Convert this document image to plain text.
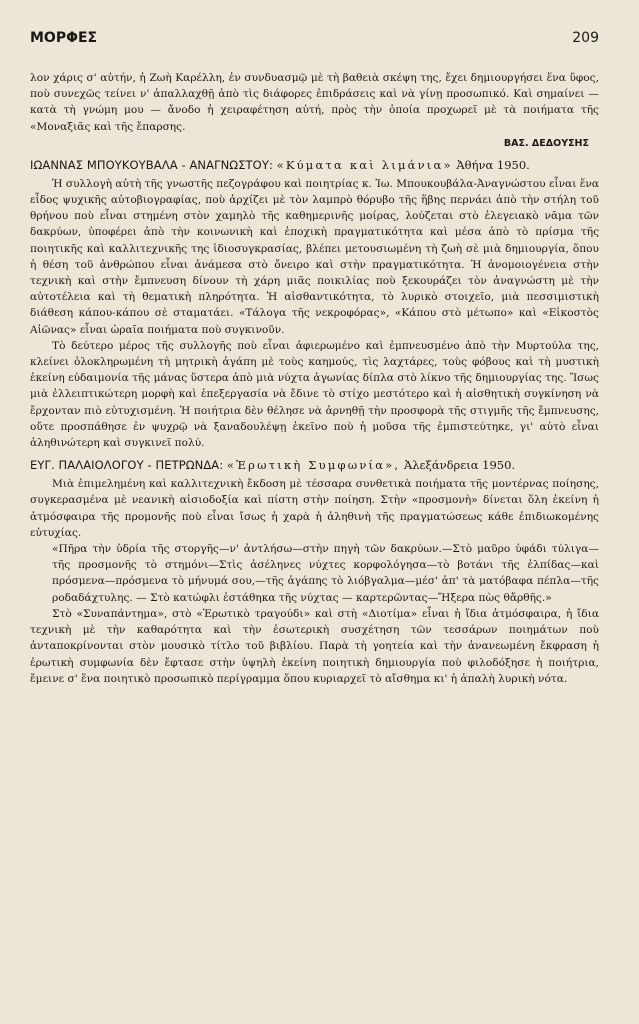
ΜΟΡΦΕΣ	209

λον χάρις σ' αὐτήν, ἡ Ζωὴ Καρέλλη, ἐν συνδυασμῷ μὲ τὴ βαθειὰ σκέψη της, ἔχει δημιουργήσει ἕνα ὕφος, ποὺ συνεχῶς τείνει ν' ἀπαλλαχθῇ ἀπὸ τὶς διάφορες ἐπιδράσεις καὶ νὰ γίνῃ προσωπικό. Καὶ σημαίνει — κατὰ τὴ γνώμη μου — ἄνοδο ἡ χειραφέτηση αὐτή, πρὸς τὴν ὁποία προχωρεῖ μὲ τὰ ποιήματα τῆς «Μοναξιᾶς καὶ τῆς ἔπαρσης.

ΒΑΣ. ΔΕΔΟΥΣΗΣ
ΙΩΑΝΝΑΣ ΜΠΟΥΚΟΥΒΑΛΑ - ΑΝΑΓΝΩΣΤΟΥ: «Κύματα καὶ λιμάνια» Ἀθήνα 1950.

Ἡ συλλογὴ αὐτὴ τῆς γνωστῆς πεζογράφου καὶ ποιητρίας κ. Ἰω. Μπουκουβάλα-Ἀναγνώστου εἶναι ἕνα εἶδος ψυχικῆς αὐτοβιογραφίας, ποὺ ἀρχίζει μὲ τὸν λαμπρὸ θόρυβο τῆς ἥβης περνάει ἀπὸ τὴν στήλη τοῦ θρήνου ποὺ εἶναι στημένη στὸν χαμηλὸ τῆς καθημερινῆς μοίρας, λούζεται στὸ ἐλεγειακὸ νᾶμα τῶν δακρύων, ὑποφέρει ἀπὸ τὴν κοινωνικὴ καὶ ἐποχικὴ πραγματικότητα καὶ μέσα ἀπὸ τὸ πρίσμα τῆς ποιητικῆς καὶ καλλιτεχνικῆς της ἰδιοσυγκρασίας, βλέπει μετουσιωμένη τὴ ζωὴ σὲ μιὰ δημιουργία, ὅπου ἡ θέση τοῦ ἀνθρώπου εἶναι ἀνάμεσα στὸ ὄνειρο καὶ στὴν πραγματικότητα. Ἡ ἀνομοιογένεια στὴν τεχνικὴ καὶ στὴν ἔμπνευση δίνουν τὴ χάρη μιᾶς ποικιλίας ποὺ ξεκουράζει τὸν ἀναγνώστη μὲ τὴν αὐτοτέλεια καὶ τὴ θεματικὴ πληρότητα. Ἡ αἰσθαντικότητα, τὸ λυρικὸ στοιχεῖο, μιὰ πεσσιμιστικὴ διάθεση κάπου-κάπου σὲ σταματάει. «Τάλογα τῆς νεκροφόρας», «Κάπου στὸ μέτωπο» καὶ «Εἰκοστὸς Αἰῶνας» εἶναι ὡραῖα ποιήματα ποὺ συγκινοῦν.

Τὸ δεύτερο μέρος τῆς συλλογῆς ποὺ εἶναι ἀφιερωμένο καὶ ἐμπνευσμένο ἀπὸ τὴν Μυρτούλα της, κλείνει ὁλοκληρωμένη τὴ μητρικὴ ἀγάπη μὲ τοὺς καημούς, τὶς λαχτάρες, τοὺς φόβους καὶ τὴ μυστικὴ ἐκείνη εὐδαιμονία τῆς μάνας ὕστερα ἀπὸ μιὰ νύχτα ἀγωνίας δίπλα στὸ λίκνο τῆς δημιουργίας της. Ἴσως μιὰ ἐλλειπτικώτερη μορφὴ καὶ ἐπεξεργασία νὰ ἔδινε τὸ στίχο μεστότερο καὶ ἡ αἰσθητικὴ συγκίνηση νὰ ἔρχονταν πιὸ εὐτυχισμένη. Ἡ ποιήτρια δὲν θέλησε νὰ ἀρνηθῇ τὴν προσφορὰ τῆς στιγμῆς τῆς ἔμπνευσης, οὔτε προσπάθησε ἐν ψυχρῷ νὰ ξαναδουλέψῃ ἐκεῖνο ποὺ ἡ μοῦσα τῆς ἐμπιστεύτηκε, γι' αὐτὸ εἶναι ἀληθινώτερη καὶ συγκινεῖ πολύ.

ΕΥΓ. ΠΑΛΑΙΟΛΟΓΟΥ - ΠΕΤΡΩΝΔΑ: «Ἐρωτικὴ Συμφωνία», Ἀλεξάνδρεια 1950.

Μιὰ ἐπιμελημένη καὶ καλλιτεχνικὴ ἔκδοση μὲ τέσσαρα συνθετικὰ ποιήματα τῆς μοντέρνας ποίησης, συγκερασμένα μὲ νεανικὴ αἰσιοδοξία καὶ πίστη στὴν ποίηση. Στὴν «προσμονὴ» δίνεται ὅλη ἐκείνη ἡ ἀτμόσφαιρα τῆς προμονῆς ποὺ εἶναι ἴσως ἡ χαρὰ ἡ ἀληθινὴ τῆς πραγματώσεως κάθε ἐπιδιωκομένης εὐτυχίας.

«Πῆρα τὴν ὑδρία τῆς στοργῆς—ν' ἀντλήσω—στὴν πηγὴ τῶν δακρύων.—Στὸ μαῦρο ὑφάδι τύλιγα—τῆς προσμονῆς τὸ στημόνι—Στὶς ἀσέληνες νύχτες κορφολόγησα—τὸ βοτάνι τῆς ἐλπίδας—καὶ πρόσμενα—πρόσμενα τὸ μήνυμά σου,—τῆς ἀγάπης τὸ λιόβγαλμα—μέσ' ἀπ' τὰ ματόβαφα πέπλα—τῆς ροδαδάχτυλης. — Στὸ κατώφλι ἐστάθηκα τῆς νύχτας — καρτερῶντας—Ἤξερα πὼς θἄρθῆς.»

Στὸ «Συναπάντημα», στὸ «Ἐρωτικὸ τραγούδι» καὶ στὴ «Διοτίμα» εἶναι ἡ ἴδια ἀτμόσφαιρα, ἡ ἴδια τεχνικὴ μὲ τὴν καθαρότητα καὶ τὴν ἐσωτερικὴ συσχέτηση τῶν τεσσάρων ποιημάτων ποὺ ἀνταποκρίνονται στὸν μουσικὸ τίτλο τοῦ βιβλίου. Παρὰ τὴ γοητεία καὶ τὴν ἀνανεωμένη ἔκφραση ἡ ἐρωτικὴ συμφωνία δὲν ἔφτασε στὴν ὑψηλὴ ἐκείνη ποιητικὴ δημιουργία ποὺ φιλοδόξησε ἡ ποιήτρια, ἔμεινε σ' ἕνα ποιητικὸ προσωπικὸ περίγραμμα ὅπου κυριαρχεῖ τὸ αἴσθημα κι' ἡ ἁπαλὴ λυρικὴ νότα.
